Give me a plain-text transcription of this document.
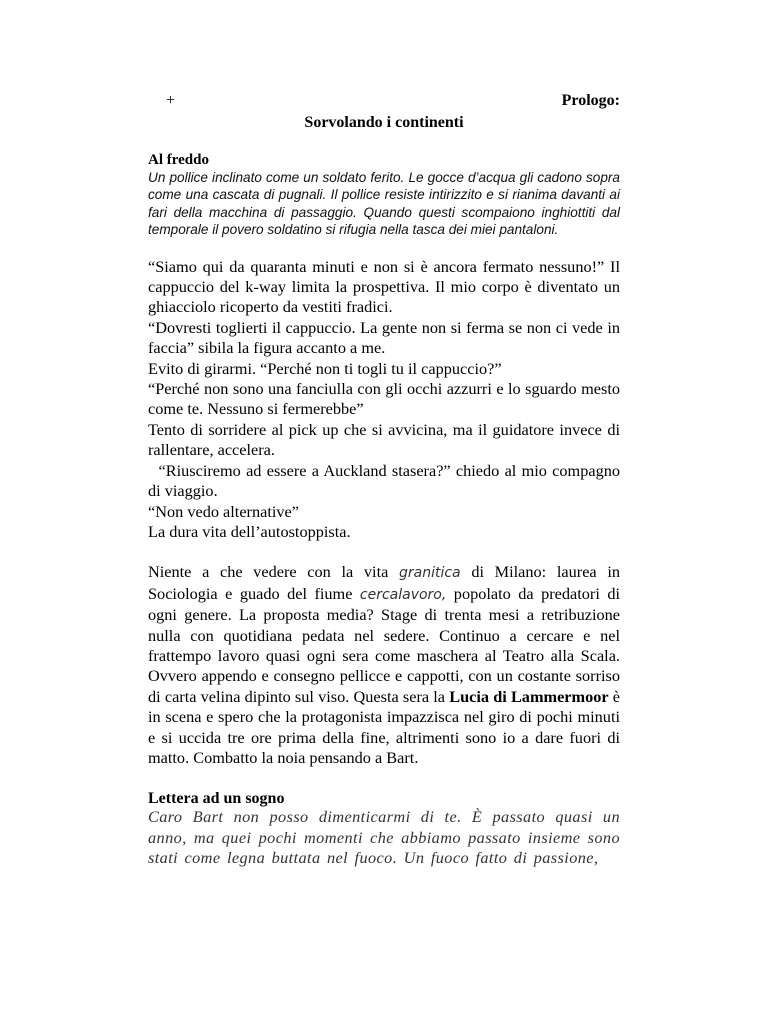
+	Prologo:
Sorvolando i continenti
Al freddo

Un pollice inclinato come un soldato ferito. Le gocce d’acqua gli cadono sopra come una cascata di pugnali. Il pollice resiste intirizzito e si rianima davanti ai fari della macchina di passaggio. Quando questi scompaiono inghiottiti dal temporale il povero soldatino si rifugia nella tasca dei miei pantaloni.

“Siamo qui da quaranta minuti e non si è ancora fermato nessuno!” Il cappuccio del k-way limita la prospettiva. Il mio corpo è diventato un ghiacciolo ricoperto da vestiti fradici.

“Dovresti toglierti il cappuccio. La gente non si ferma se non ci vede in faccia” sibila la figura accanto a me.

Evito di girarmi. “Perché non ti togli tu il cappuccio?”

“Perché non sono una fanciulla con gli occhi azzurri e lo sguardo mesto come te. Nessuno si fermerebbe”

Tento di sorridere al pick up che si avvicina, ma il guidatore invece di rallentare, accelera.

“Riusciremo ad essere a Auckland stasera?” chiedo al mio compagno di viaggio.

“Non vedo alternative”

La dura vita dell’autostoppista.

Niente a che vedere con la vita granitica di Milano: laurea in Sociologia e guado del fiume cercalavoro, popolato da predatori di ogni genere. La proposta media? Stage di trenta mesi a retribuzione nulla con quotidiana pedata nel sedere. Continuo a cercare e nel frattempo lavoro quasi ogni sera come maschera al Teatro alla Scala. Ovvero appendo e consegno pellicce e cappotti, con un costante sorriso di carta velina dipinto sul viso. Questa sera la Lucia di Lammermoor è in scena e spero che la protagonista impazzisca nel giro di pochi minuti e si uccida tre ore prima della fine, altrimenti sono io a dare fuori di matto. Combatto la noia pensando a Bart.

Lettera ad un sogno

Caro Bart non posso dimenticarmi di te. È passato quasi un anno, ma quei pochi momenti che abbiamo passato insieme sono stati come legna buttata nel fuoco. Un fuoco fatto di passione,
